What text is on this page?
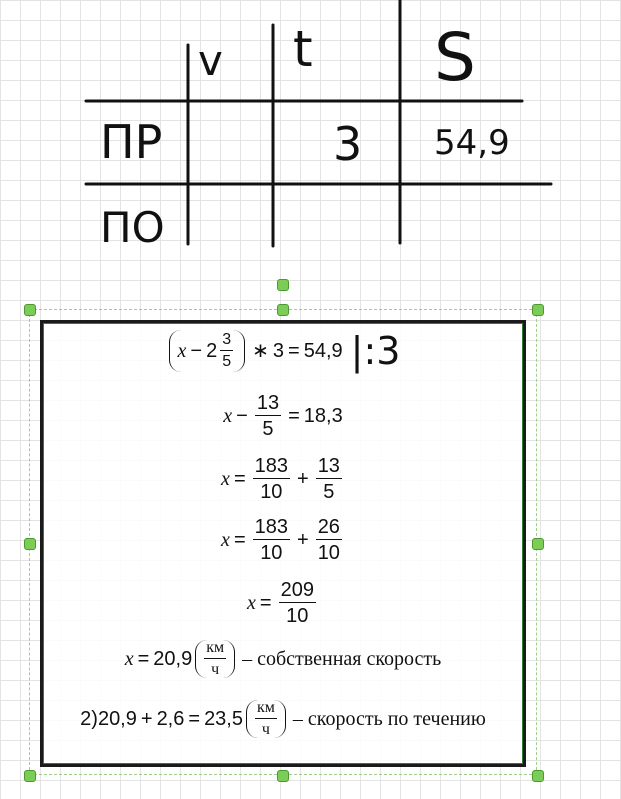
v t S
ПР	3 54,9
ПО
$x - 2 \frac{3}{5}$ ∗ 3 = 54,9 |:3
$x - \frac{13}{5} = 18,3$
$x = \frac{183}{10} + \frac{13}{5}$
$x = \frac{183}{10} + \frac{26}{10}$
$x = \frac{209}{10}$
$x = 20,9 \frac{км}{ч}$ – собственная скорость
$2)20,9 + 2,6 = 23,5 \frac{км}{ч}$ – скорость по течению
